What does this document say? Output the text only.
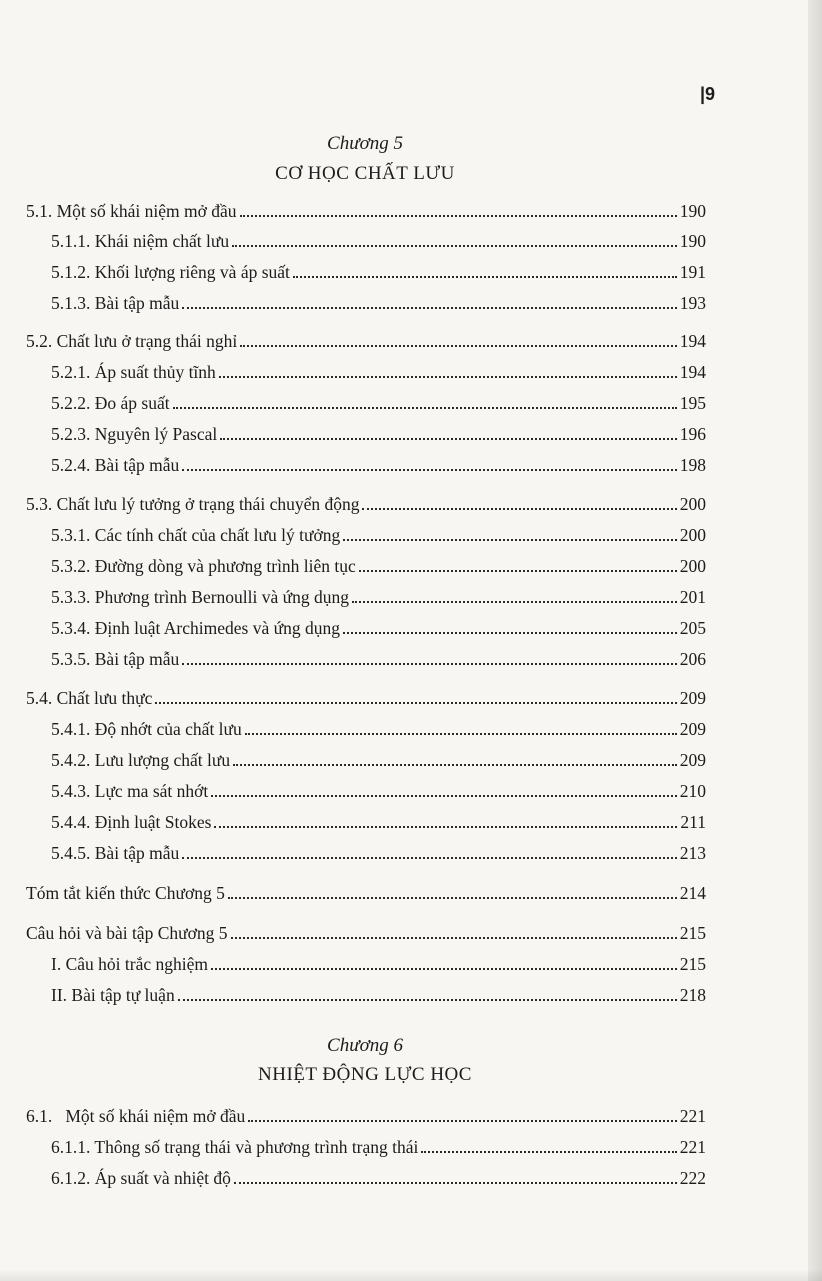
|9
Chương 5
CƠ HỌC CHẤT LƯU
5.1. Một số khái niệm mở đầu	190
5.1.1. Khái niệm chất lưu	190
5.1.2. Khối lượng riêng và áp suất	191
5.1.3. Bài tập mẫu	193
5.2. Chất lưu ở trạng thái nghỉ	194
5.2.1. Áp suất thủy tĩnh	194
5.2.2. Đo áp suất	195
5.2.3. Nguyên lý Pascal	196
5.2.4. Bài tập mẫu	198
5.3. Chất lưu lý tưởng ở trạng thái chuyển động	200
5.3.1. Các tính chất của chất lưu lý tưởng	200
5.3.2. Đường dòng và phương trình liên tục	200
5.3.3. Phương trình Bernoulli và ứng dụng	201
5.3.4. Định luật Archimedes và ứng dụng	205
5.3.5. Bài tập mẫu	206
5.4. Chất lưu thực	209
5.4.1. Độ nhớt của chất lưu	209
5.4.2. Lưu lượng chất lưu	209
5.4.3. Lực ma sát nhớt	210
5.4.4. Định luật Stokes	211
5.4.5. Bài tập mẫu	213
Tóm tắt kiến thức Chương 5	214
Câu hỏi và bài tập Chương 5	215
I. Câu hỏi trắc nghiệm	215
II. Bài tập tự luận	218
Chương 6
NHIỆT ĐỘNG LỰC HỌC
6.1.   Một số khái niệm mở đầu	221
6.1.1. Thông số trạng thái và phương trình trạng thái	221
6.1.2. Áp suất và nhiệt độ	222
